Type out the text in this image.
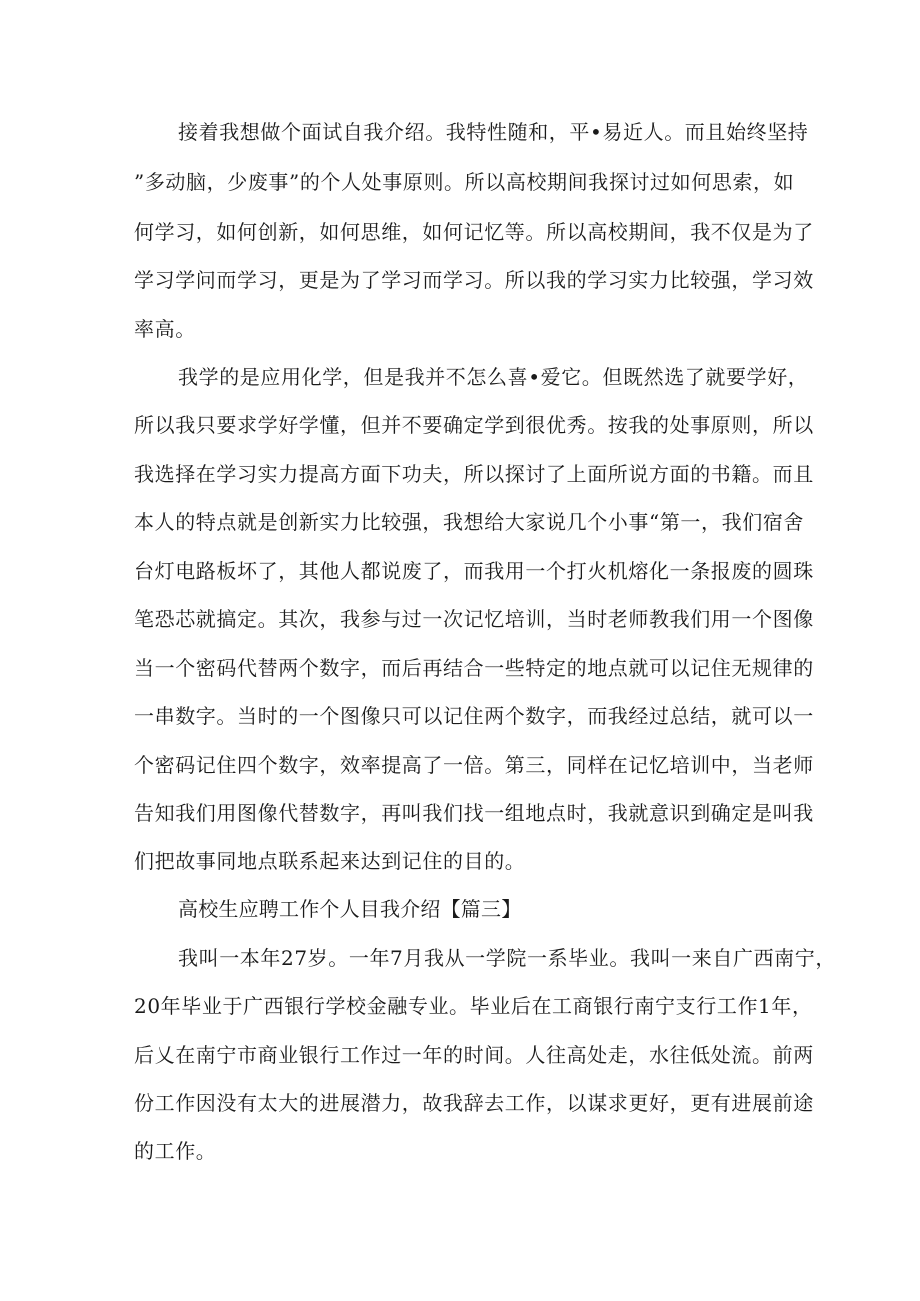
接着我想做个面试自我介绍。我特性随和，平•易近人。而且始终坚持
”多动脑，少废事”的个人处事原则。所以高校期间我探讨过如何思索，如
何学习，如何创新，如何思维，如何记忆等。所以高校期间，我不仅是为了
学习学问而学习，更是为了学习而学习。所以我的学习实力比较强，学习效
率高。
我学的是应用化学，但是我并不怎么喜•爱它。但既然选了就要学好，
所以我只要求学好学懂，但并不要确定学到很优秀。按我的处事原则，所以
我选择在学习实力提高方面下功夫，所以探讨了上面所说方面的书籍。而且
本人的特点就是创新实力比较强，我想给大家说几个小事“第一，我们宿舍
台灯电路板坏了，其他人都说废了，而我用一个打火机熔化一条报废的圆珠
笔恐芯就搞定。其次，我参与过一次记忆培训，当时老师教我们用一个图像
当一个密码代替两个数字，而后再结合一些特定的地点就可以记住无规律的
一串数字。当时的一个图像只可以记住两个数字，而我经过总结，就可以一
个密码记住四个数字，效率提高了一倍。第三，同样在记忆培训中，当老师
告知我们用图像代替数字，再叫我们找一组地点时，我就意识到确定是叫我
们把故事同地点联系起来达到记住的目的。
高校生应聘工作个人目我介绍【篇三】
我叫一本年27岁。一年7月我从一学院一系毕业。我叫一来自广西南宁，
20年毕业于广西银行学校金融专业。毕业后在工商银行南宁支行工作1年，
后乂在南宁市商业银行工作过一年的时间。人往高处走，水往低处流。前两
份工作因没有太大的进展潜力，故我辞去工作，以谋求更好，更有进展前途
的工作。
